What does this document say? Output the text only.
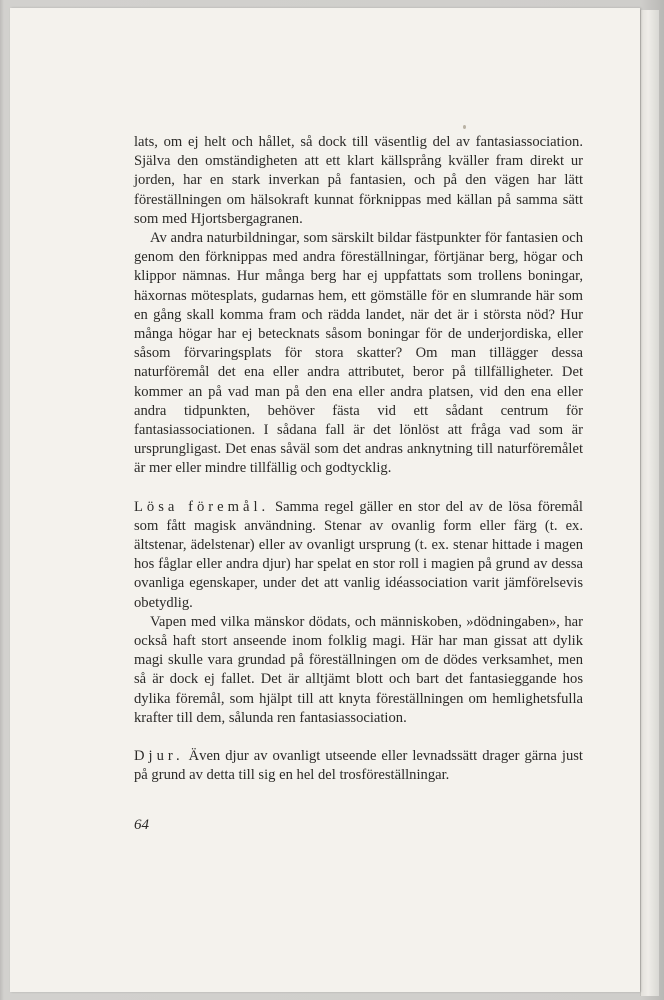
lats, om ej helt och hållet, så dock till väsentlig del av fantasiassociation. Själva den omständigheten att ett klart källsprång kväller fram direkt ur jorden, har en stark inverkan på fantasien, och på den vägen har lätt föreställningen om hälsokraft kunnat förknippas med källan på samma sätt som med Hjortsbergagranen.

Av andra naturbildningar, som särskilt bildar fästpunkter för fantasien och genom den förknippas med andra föreställningar, förtjänar berg, högar och klippor nämnas. Hur många berg har ej uppfattats som trollens boningar, häxornas mötesplats, gudarnas hem, ett gömställe för en slumrande här som en gång skall komma fram och rädda landet, när det är i största nöd? Hur många högar har ej betecknats såsom boningar för de underjordiska, eller såsom förvaringsplats för stora skatter? Om man tillägger dessa naturföremål det ena eller andra attributet, beror på tillfälligheter. Det kommer an på vad man på den ena eller andra platsen, vid den ena eller andra tidpunkten, behöver fästa vid ett sådant centrum för fantasiassociationen. I sådana fall är det lönlöst att fråga vad som är ursprungligast. Det enas såväl som det andras anknytning till naturföremålet är mer eller mindre tillfällig och godtycklig.

Lösa föremål. Samma regel gäller en stor del av de lösa föremål som fått magisk användning. Stenar av ovanlig form eller färg (t. ex. ältstenar, ädelstenar) eller av ovanligt ursprung (t. ex. stenar hittade i magen hos fåglar eller andra djur) har spelat en stor roll i magien på grund av dessa ovanliga egenskaper, under det att vanlig idéassociation varit jämförelsevis obetydlig.

Vapen med vilka mänskor dödats, och människoben, »dödningaben», har också haft stort anseende inom folklig magi. Här har man gissat att dylik magi skulle vara grundad på föreställningen om de dödes verksamhet, men så är dock ej fallet. Det är alltjämt blott och bart det fantasieggande hos dylika föremål, som hjälpt till att knyta föreställningen om hemlighetsfulla krafter till dem, sålunda ren fantasiassociation.

Djur. Även djur av ovanligt utseende eller levnadssätt drager gärna just på grund av detta till sig en hel del trosföreställningar.

64
